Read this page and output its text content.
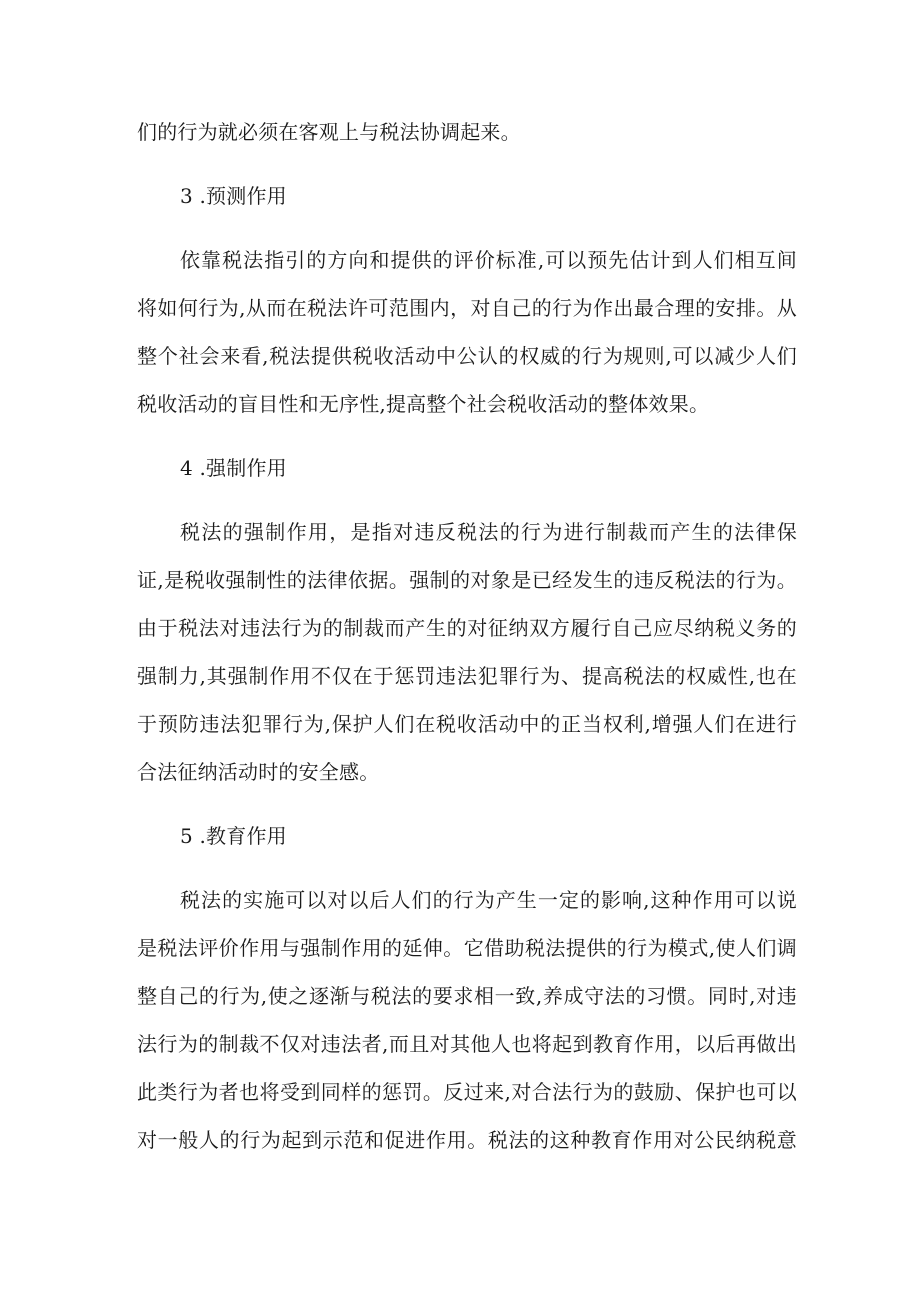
们的行为就必须在客观上与税法协调起来。
3 .预测作用
依靠税法指引的方向和提供的评价标准,可以预先估计到人们相互间
将如何行为,从而在税法许可范围内，对自己的行为作出最合理的安排。从
整个社会来看,税法提供税收活动中公认的权威的行为规则,可以减少人们
税收活动的盲目性和无序性,提高整个社会税收活动的整体效果。
4 .强制作用
税法的强制作用，是指对违反税法的行为进行制裁而产生的法律保
证,是税收强制性的法律依据。强制的对象是已经发生的违反税法的行为。
由于税法对违法行为的制裁而产生的对征纳双方履行自己应尽纳税义务的
强制力,其强制作用不仅在于惩罚违法犯罪行为、提高税法的权威性,也在
于预防违法犯罪行为,保护人们在税收活动中的正当权利,增强人们在进行
合法征纳活动时的安全感。
5 .教育作用
税法的实施可以对以后人们的行为产生一定的影响,这种作用可以说
是税法评价作用与强制作用的延伸。它借助税法提供的行为模式,使人们调
整自己的行为,使之逐渐与税法的要求相一致,养成守法的习惯。同时,对违
法行为的制裁不仅对违法者,而且对其他人也将起到教育作用，以后再做出
此类行为者也将受到同样的惩罚。反过来,对合法行为的鼓励、保护也可以
对一般人的行为起到示范和促进作用。税法的这种教育作用对公民纳税意
